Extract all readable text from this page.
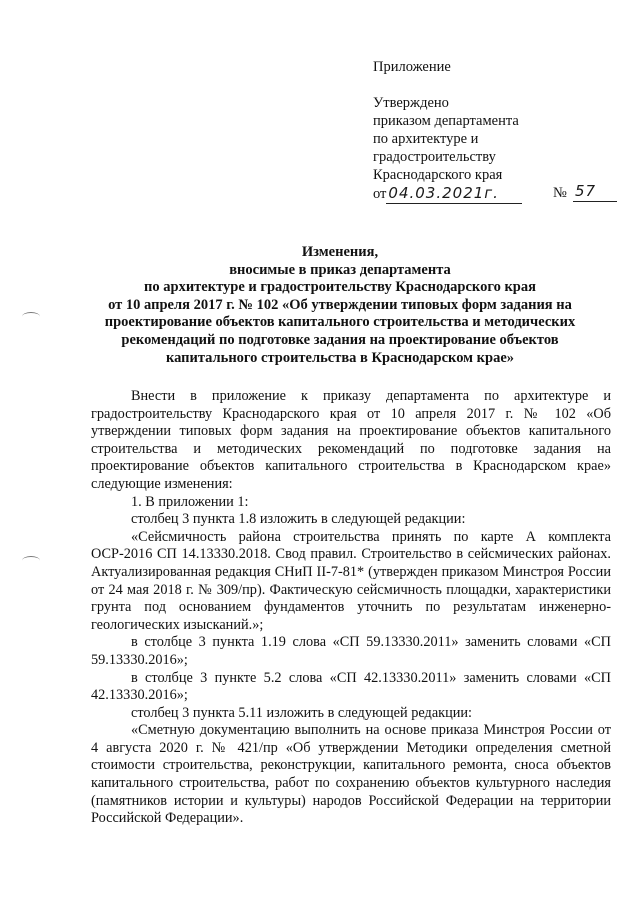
Приложение
Утверждено
приказом департамента
по архитектуре и
градостроительству
Краснодарского края
от 04.03.2021г.	№ 57
Изменения,
вносимые в приказ департамента
по архитектуре и градостроительству Краснодарского края
от 10 апреля 2017 г. № 102 «Об утверждении типовых форм задания на
проектирование объектов капитального строительства и методических
рекомендаций по подготовке задания на проектирование объектов
капитального строительства в Краснодарском крае»

Внести в приложение к приказу департамента по архитектуре и градостроительству Краснодарского края от 10 апреля 2017 г. № 102 «Об утверждении типовых форм задания на проектирование объектов капитального строительства и методических рекомендаций по подготовке задания на проектирование объектов капитального строительства в Краснодарском крае» следующие изменения:

1. В приложении 1:

столбец 3 пункта 1.8 изложить в следующей редакции:

«Сейсмичность района строительства принять по карте А комплекта ОСР-2016 СП 14.13330.2018. Свод правил. Строительство в сейсмических районах. Актуализированная редакция СНиП II-7-81* (утвержден приказом Минстроя России от 24 мая 2018 г. № 309/пр). Фактическую сейсмичность площадки, характеристики грунта под основанием фундаментов уточнить по результатам инженерно-геологических изысканий.»;

в столбце 3 пункта 1.19 слова «СП 59.13330.2011» заменить словами «СП 59.13330.2016»;

в столбце 3 пункте 5.2 слова «СП 42.13330.2011» заменить словами «СП 42.13330.2016»;

столбец 3 пункта 5.11 изложить в следующей редакции:

«Сметную документацию выполнить на основе приказа Минстроя России от 4 августа 2020 г. № 421/пр «Об утверждении Методики определения сметной стоимости строительства, реконструкции, капитального ремонта, сноса объектов капитального строительства, работ по сохранению объектов культурного наследия (памятников истории и культуры) народов Российской Федерации на территории Российской Федерации».
